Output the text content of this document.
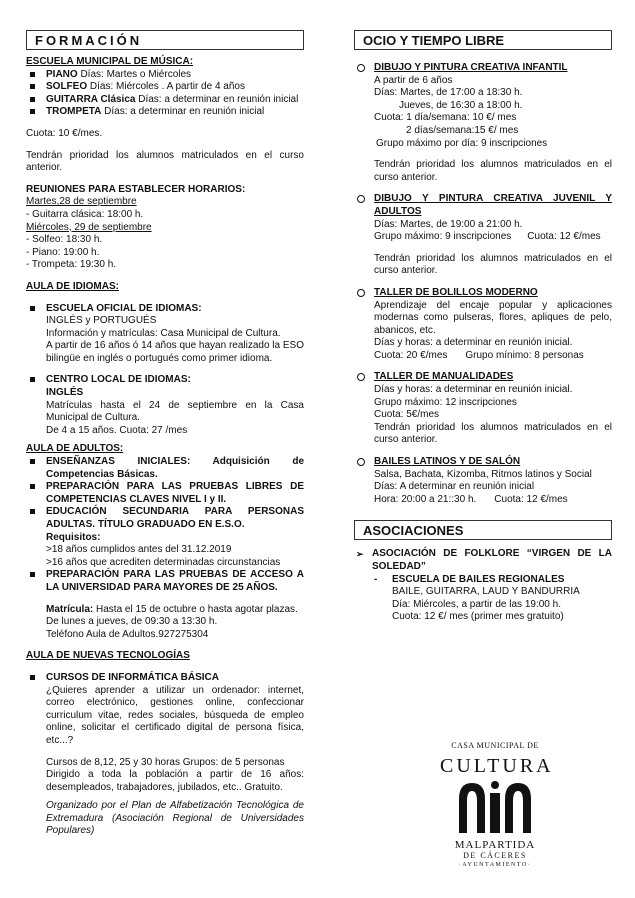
FORMACIÓN
ESCUELA MUNICIPAL DE MÚSICA:
PIANO Días: Martes o Miércoles
SOLFEO Días: Miércoles . A partir de 4 años
GUITARRA Clásica Días: a determinar en reunión inicial
TROMPETA Días: a determinar en reunión inicial
Cuota: 10 €/mes.
Tendrán prioridad los alumnos matriculados en el curso anterior.
REUNIONES PARA ESTABLECER HORARIOS:
Martes,28 de septiembre
- Guitarra clásica: 18:00 h.
Miércoles, 29 de septiembre
- Solfeo: 18:30 h.
- Piano: 19:00 h.
- Trompeta: 19:30 h.
AULA DE IDIOMAS:
ESCUELA OFICIAL DE IDIOMAS:
INGLÉS y PORTUGUÉS
Información y matrículas: Casa Municipal de Cultura.
A partir de 16 años ó 14 años que hayan realizado la ESO bilingüe en inglés o portugués como primer idioma.
CENTRO LOCAL DE IDIOMAS:
INGLÉS
Matrículas hasta el 24 de septiembre en la Casa Municipal de Cultura.
De 4 a 15 años. Cuota: 27 /mes
AULA DE ADULTOS:
ENSEÑANZAS INICIALES: Adquisición de Competencias Básicas.
PREPARACIÓN PARA LAS PRUEBAS LIBRES DE COMPETENCIAS CLAVES NIVEL I y II.
EDUCACIÓN SECUNDARIA PARA PERSONAS ADULTAS. TÍTULO GRADUADO EN E.S.O.
Requisitos:
>18 años cumplidos antes del 31.12.2019
>16 años que acrediten determinadas circunstancias
PREPARACIÓN PARA LAS PRUEBAS DE ACCESO A LA UNIVERSIDAD PARA MAYORES DE 25 AÑOS.
Matrícula: Hasta el 15 de octubre o hasta agotar plazas.
De lunes a jueves, de 09:30 a 13:30 h.
Teléfono Aula de Adultos.927275304
AULA DE NUEVAS TECNOLOGÍAS
CURSOS DE INFORMÁTICA BÁSICA
¿Quieres aprender a utilizar un ordenador: internet, correo electrónico, gestiones online, confeccionar curriculum vitae, redes sociales, búsqueda de empleo online, solicitar el certificado digital de persona física, etc...?
Cursos de 8,12, 25 y 30 horas Grupos: de 5 personas
Dirigido a toda la población a partir de 16 años: desempleados, trabajadores, jubilados, etc.. Gratuito.
Organizado por el Plan de Alfabetización Tecnológica de Extremadura (Asociación Regional de Universidades Populares)
OCIO Y TIEMPO LIBRE
DIBUJO Y PINTURA CREATIVA INFANTIL
A partir de 6 años
Días: Martes, de 17:00 a 18:30 h.
Jueves, de 16:30 a 18:00 h.
Cuota: 1 día/semana: 10 €/ mes
2 días/semana:15 €/ mes
Grupo máximo por día: 9 inscripciones
Tendrán prioridad los alumnos matriculados en el curso anterior.
DIBUJO Y PINTURA CREATIVA JUVENIL Y ADULTOS
Días: Martes, de 19:00 a 21:00 h.
Grupo máximo: 9 inscripciones Cuota: 12 €/mes
Tendrán prioridad los alumnos matriculados en el curso anterior.
TALLER DE BOLILLOS MODERNO
Aprendizaje del encaje popular y aplicaciones modernas como pulseras, flores, apliques de pelo, abanicos, etc.
Días y horas: a determinar en reunión inicial.
Cuota: 20 €/mes Grupo mínimo: 8 personas
TALLER DE MANUALIDADES
Días y horas: a determinar en reunión inicial.
Grupo máximo: 12 inscripciones
Cuota: 5€/mes
Tendrán prioridad los alumnos matriculados en el curso anterior.
BAILES LATINOS Y DE SALÓN
Salsa, Bachata, Kizomba, Ritmos latinos y Social
Días: A determinar en reunión inicial
Hora: 20:00 a 21::30 h. Cuota: 12 €/mes
ASOCIACIONES
➢ ASOCIACIÓN DE FOLKLORE “VIRGEN DE LA SOLEDAD”
- ESCUELA DE BAILES REGIONALES
BAILE, GUITARRA, LAUD Y BANDURRIA
Día: Miércoles, a partir de las 19:00 h.
Cuota: 12 €/ mes (primer mes gratuito)
CASA MUNICIPAL DE
CULTURA
MALPARTIDA
DE CÁCERES
·AYUNTAMIENTO·
